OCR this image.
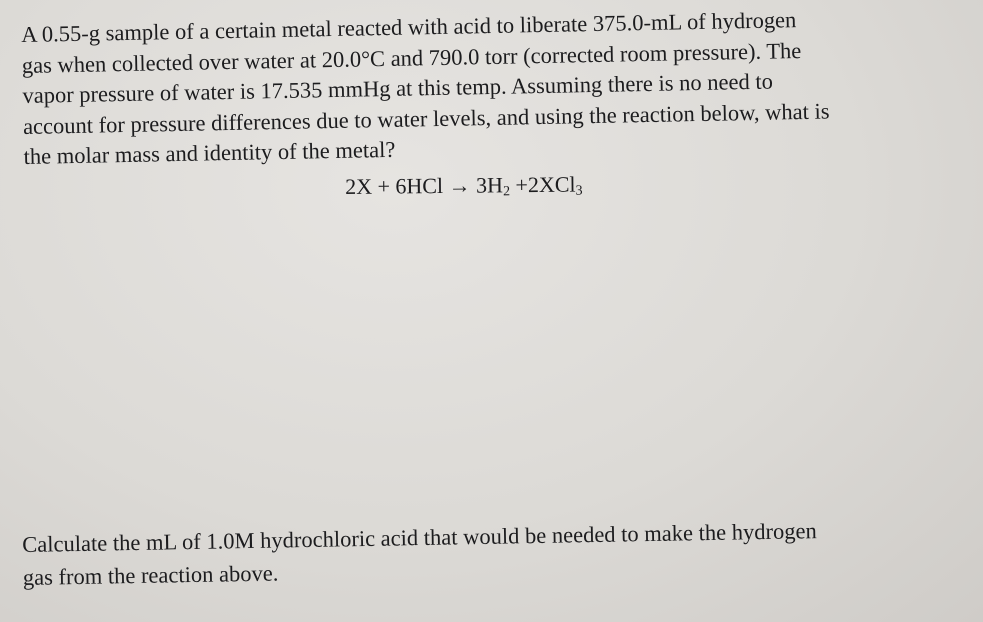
A 0.55-g sample of a certain metal reacted with acid to liberate 375.0-mL of hydrogen
gas when collected over water at 20.0°C and 790.0 torr (corrected room pressure). The
vapor pressure of water is 17.535 mmHg at this temp. Assuming there is no need to
account for pressure differences due to water levels, and using the reaction below, what is
the molar mass and identity of the metal?
$2X + 6HCl \to 3H_2 +2XCl_3$
Calculate the mL of 1.0M hydrochloric acid that would be needed to make the hydrogen
gas from the reaction above.
